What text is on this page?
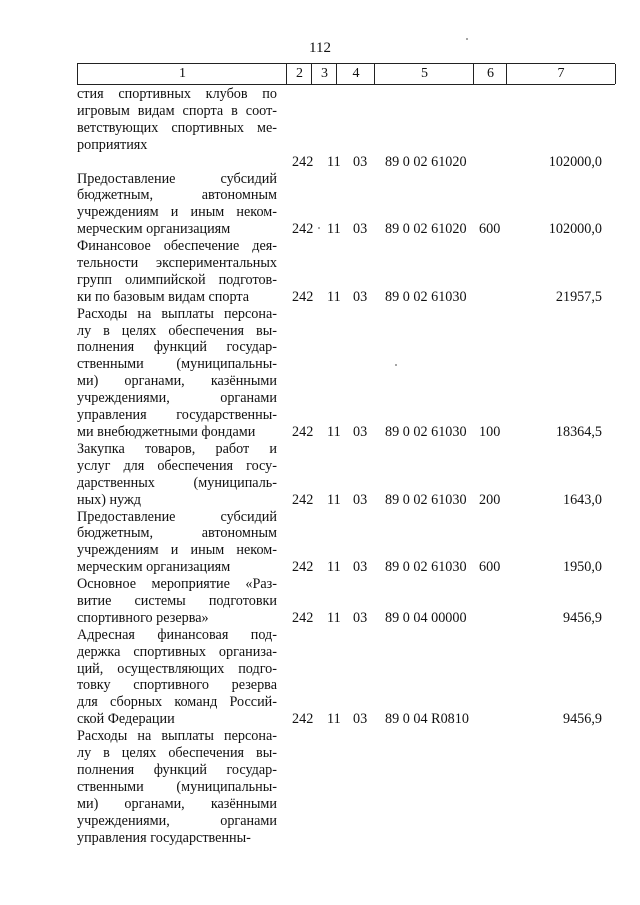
112
1	2	3	4	5	6	7
стия спортивных клубов по
игровым видам спорта в соот-
ветствующих спортивных ме-
роприятиях
242 11 03 89 0 02 61020	102000,0
Предоставление субсидий
бюджетным, автономным
учреждениям и иным неком-
мерческим организациям	242 11 03 89 0 02 61020 600	102000,0
Финансовое обеспечение дея-
тельности экспериментальных
групп олимпийской подготов-
ки по базовым видам спорта	242 11 03 89 0 02 61030	21957,5
Расходы на выплаты персона-
лу в целях обеспечения вы-
полнения функций государ-
ственными (муниципальны-
ми) органами, казёнными
учреждениями, органами
управления государственны-
ми внебюджетными фондами	242 11 03 89 0 02 61030 100	18364,5
Закупка товаров, работ и
услуг для обеспечения госу-
дарственных (муниципаль-
ных) нужд	242 11 03 89 0 02 61030 200	1643,0
Предоставление субсидий
бюджетным, автономным
учреждениям и иным неком-
мерческим организациям	242 11 03 89 0 02 61030 600	1950,0
Основное мероприятие «Раз-
витие системы подготовки
спортивного резерва»	242 11 03 89 0 04 00000	9456,9
Адресная финансовая под-
держка спортивных организа-
ций, осуществляющих подго-
товку спортивного резерва
для сборных команд Россий-
ской Федерации	242 11 03 89 0 04 R0810	9456,9
Расходы на выплаты персона-
лу в целях обеспечения вы-
полнения функций государ-
ственными (муниципальны-
ми) органами, казёнными
учреждениями, органами
управления государственны-
